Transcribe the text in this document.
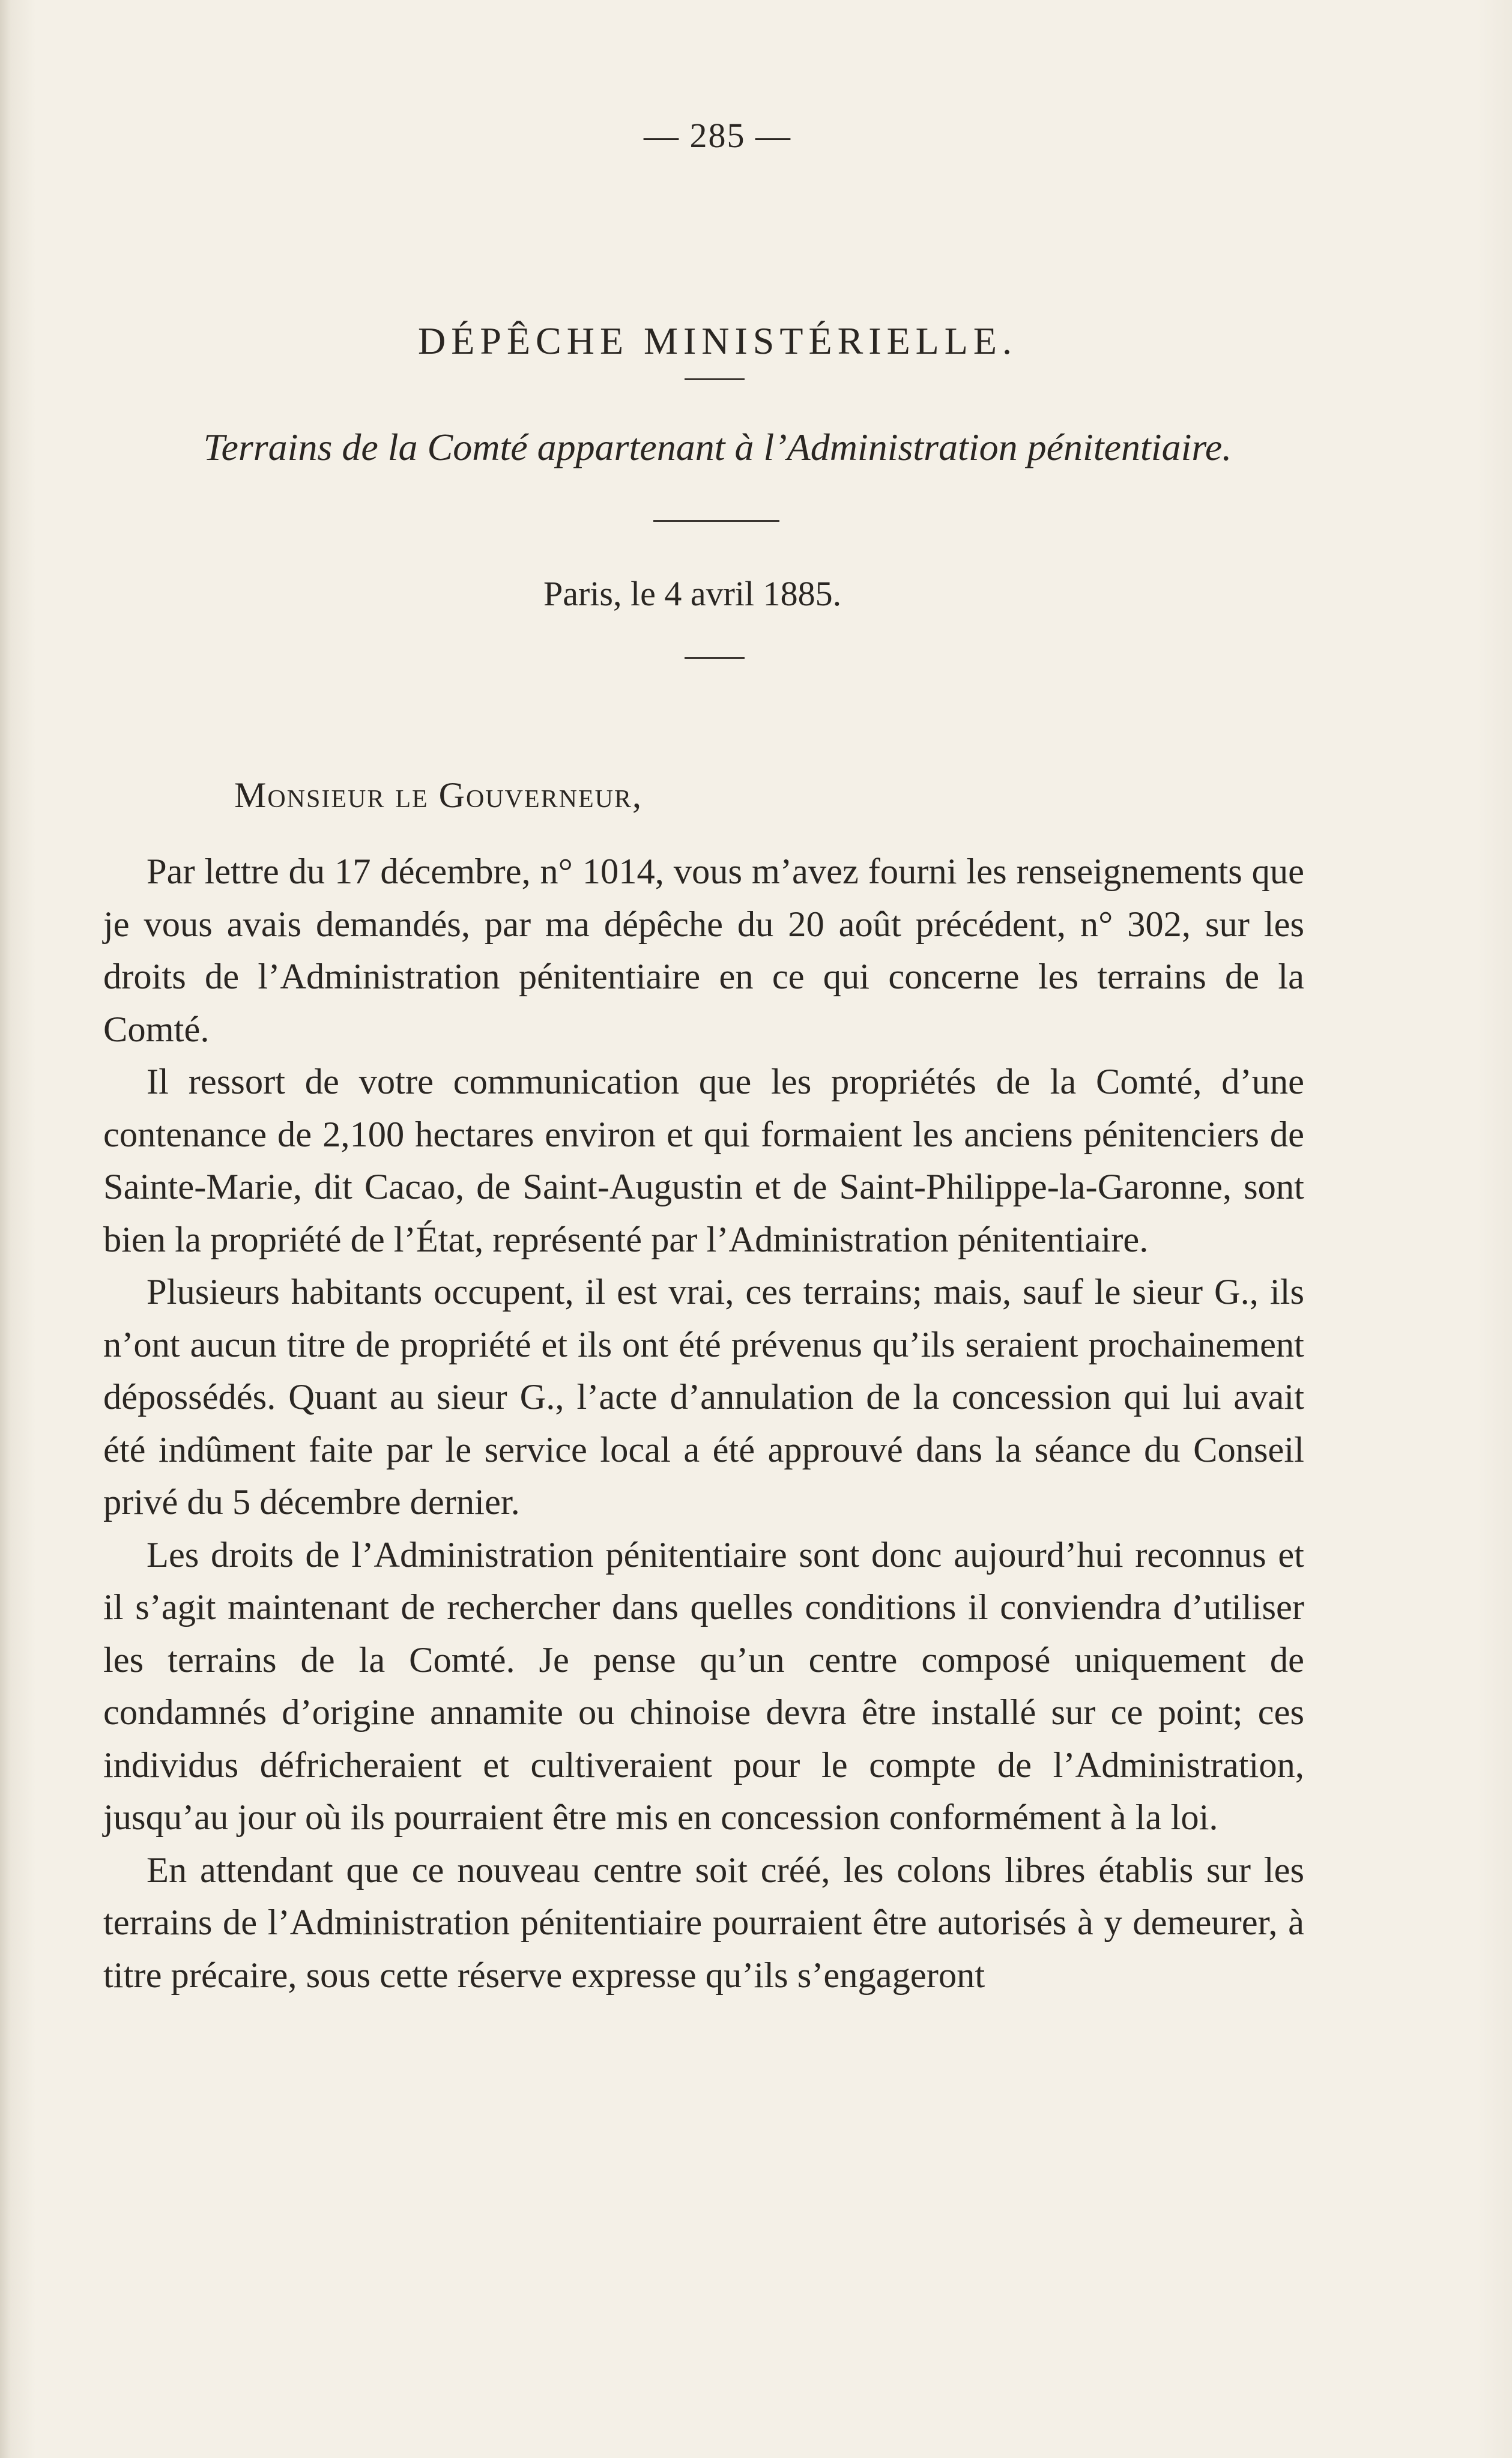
— 285 —
DÉPÊCHE MINISTÉRIELLE.
Terrains de la Comté appartenant à l’Administration pénitentiaire.
Paris, le 4 avril 1885.
Monsieur le Gouverneur,

Par lettre du 17 décembre, n° 1014, vous m’avez fourni les renseignements que je vous avais demandés, par ma dépêche du 20 août précédent, n° 302, sur les droits de l’Administration pénitentiaire en ce qui concerne les terrains de la Comté.

Il ressort de votre communication que les propriétés de la Comté, d’une contenance de 2,100 hectares environ et qui formaient les anciens pénitenciers de Sainte-Marie, dit Cacao, de Saint-Augustin et de Saint-Philippe-la-Garonne, sont bien la propriété de l’État, représenté par l’Administration pénitentiaire.

Plusieurs habitants occupent, il est vrai, ces terrains; mais, sauf le sieur G., ils n’ont aucun titre de propriété et ils ont été prévenus qu’ils seraient prochainement dépossédés. Quant au sieur G., l’acte d’annulation de la concession qui lui avait été indûment faite par le service local a été approuvé dans la séance du Conseil privé du 5 décembre dernier.

Les droits de l’Administration pénitentiaire sont donc aujourd’hui reconnus et il s’agit maintenant de rechercher dans quelles conditions il conviendra d’utiliser les terrains de la Comté. Je pense qu’un centre composé uniquement de condamnés d’origine annamite ou chinoise devra être installé sur ce point; ces individus défricheraient et cultiveraient pour le compte de l’Administration, jusqu’au jour où ils pourraient être mis en concession conformément à la loi.

En attendant que ce nouveau centre soit créé, les colons libres établis sur les terrains de l’Administration pénitentiaire pourraient être autorisés à y demeurer, à titre précaire, sous cette réserve expresse qu’ils s’engageront
